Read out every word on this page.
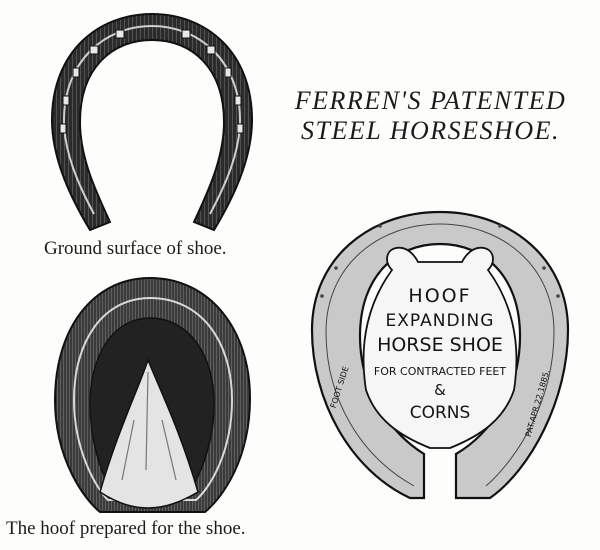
FERREN'S PATENTED
STEEL HORSESHOE.
HOOF
EXPANDING
HORSE SHOE
FOR CONTRACTED FEET
&
CORNS
FOOT SIDE	PAT.APR.22.1885.
Ground surface of shoe.
The hoof prepared for the shoe.
